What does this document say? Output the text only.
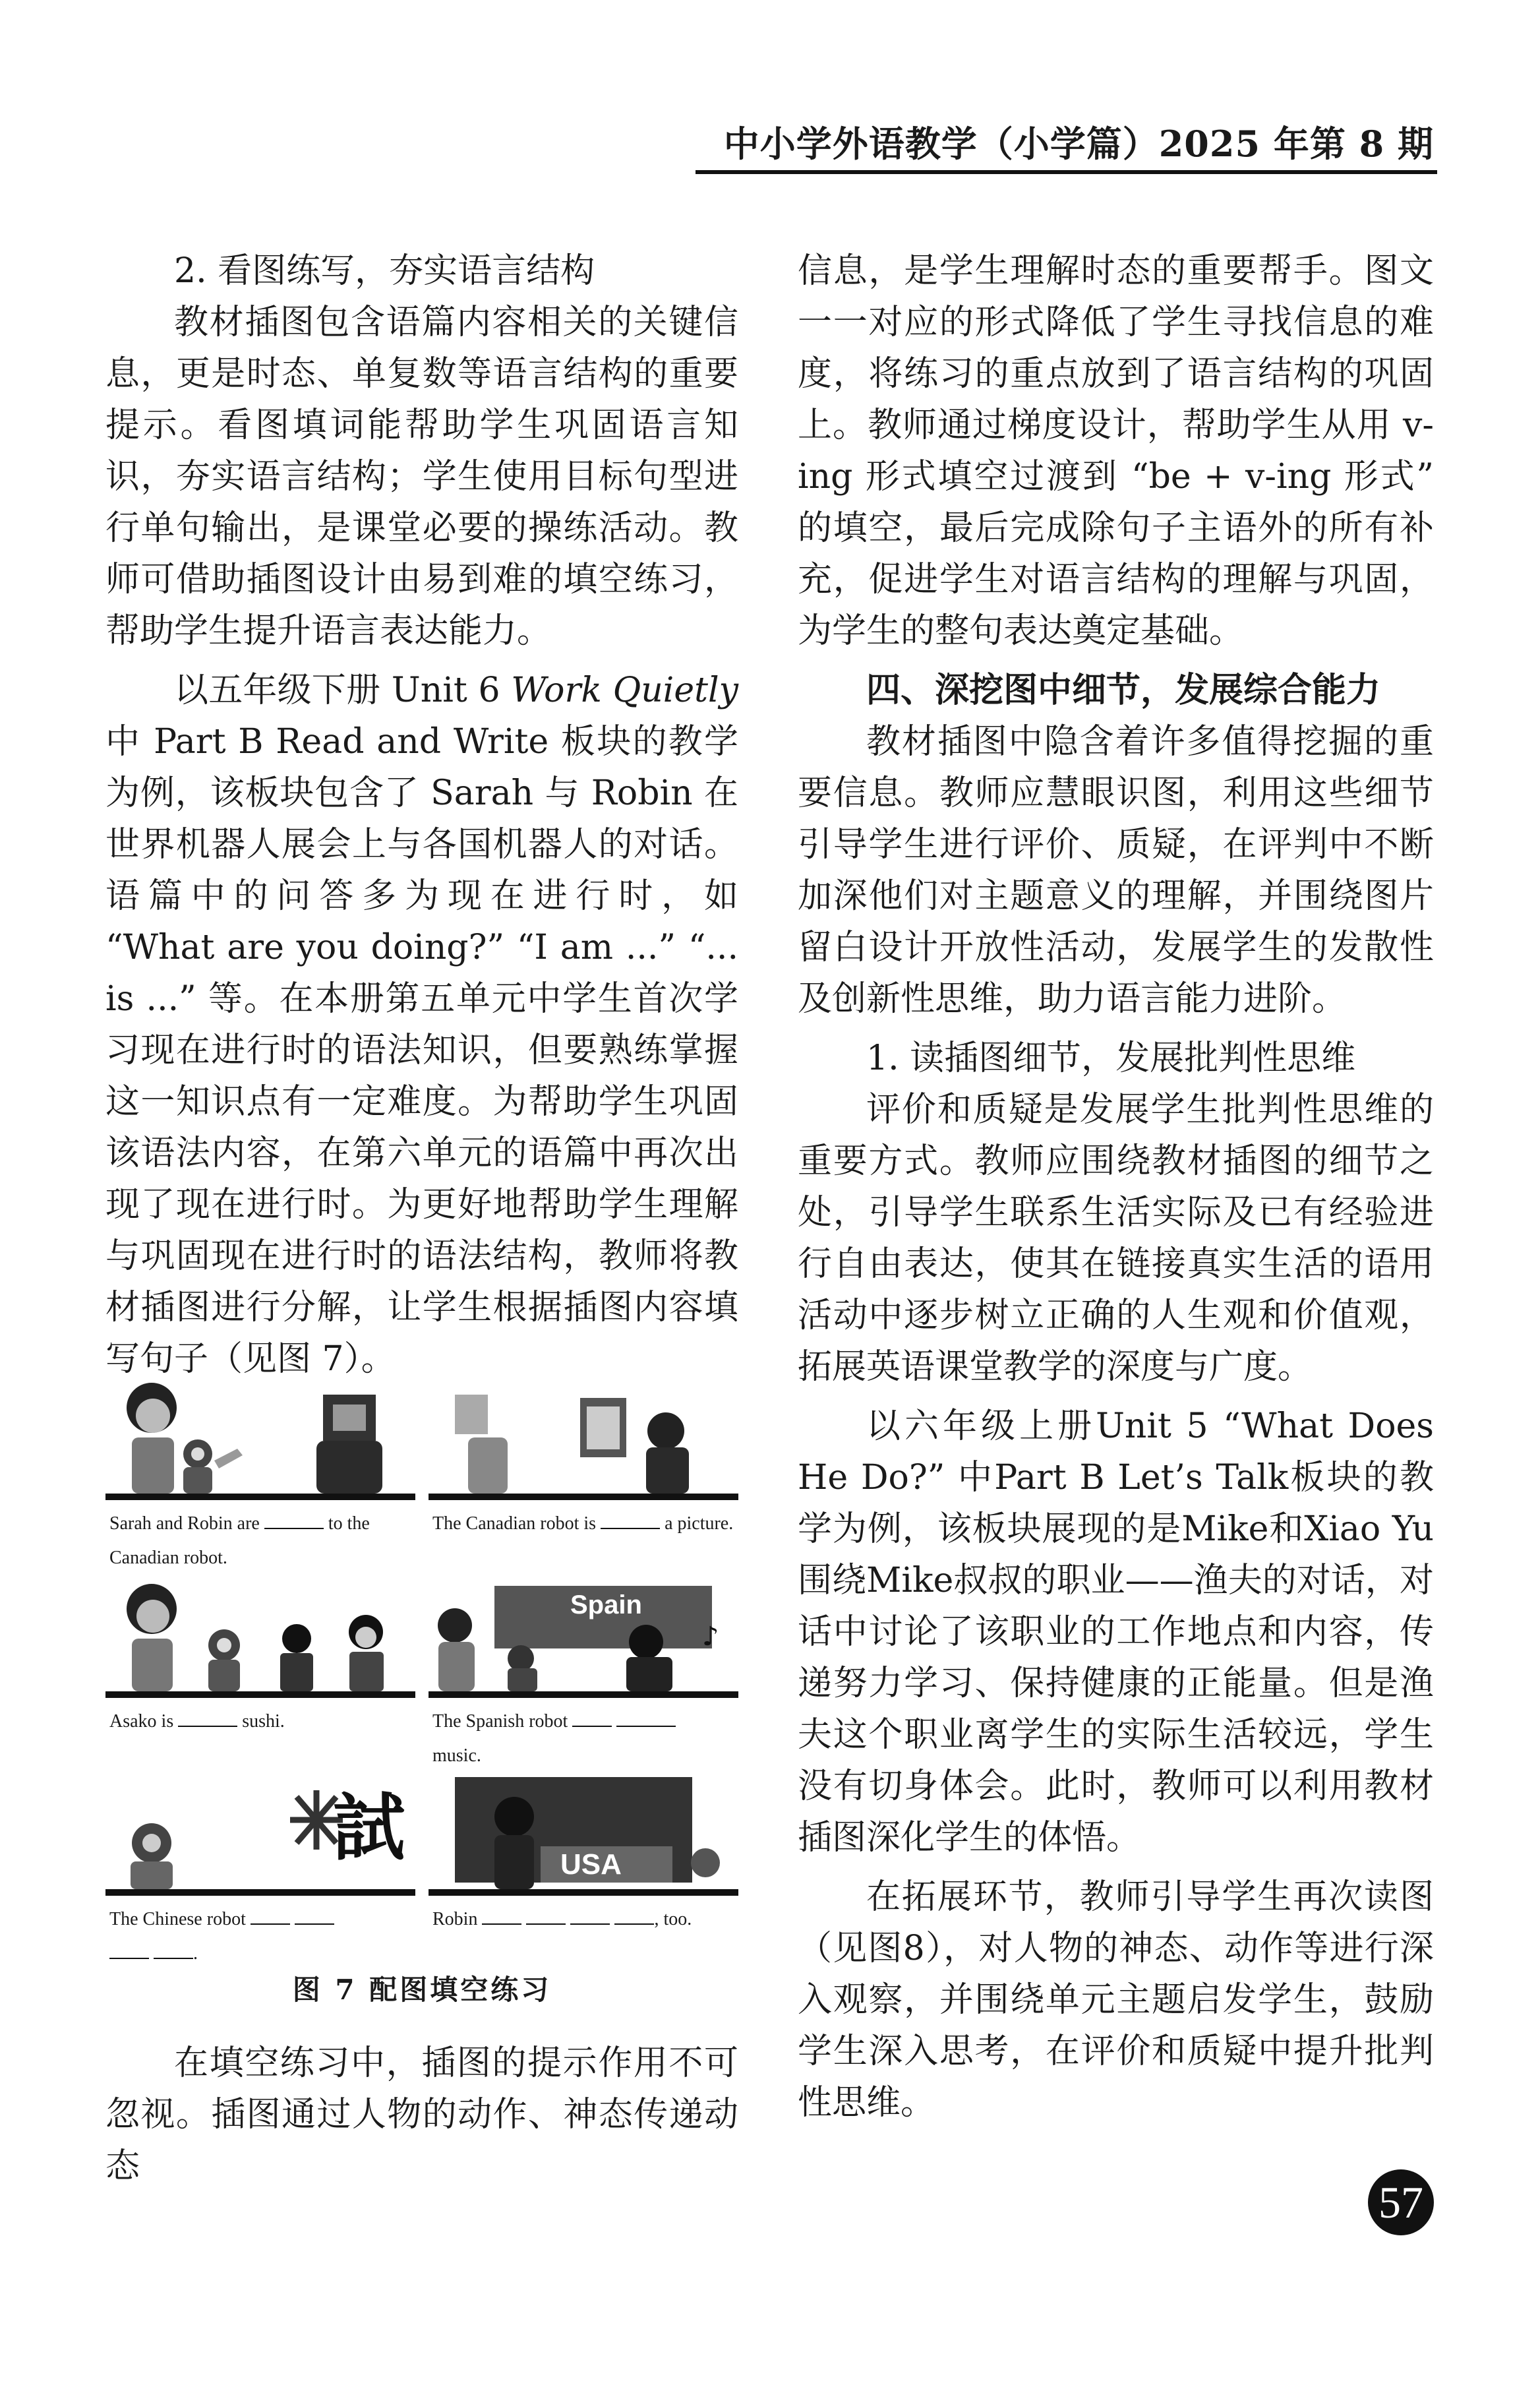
中小学外语教学（小学篇）2025 年第 8 期

2. 看图练写，夯实语言结构

教材插图包含语篇内容相关的关键信息，更是时态、单复数等语言结构的重要提示。看图填词能帮助学生巩固语言知识，夯实语言结构；学生使用目标句型进行单句输出，是课堂必要的操练活动。教师可借助插图设计由易到难的填空练习，帮助学生提升语言表达能力。

以五年级下册 Unit 6 Work Quietly 中 Part B Read and Write 板块的教学为例，该板块包含了 Sarah 与 Robin 在世界机器人展会上与各国机器人的对话。语篇中的问答多为现在进行时，如 “What are you doing?” “I am ...” “... is ...” 等。在本册第五单元中学生首次学习现在进行时的语法知识，但要熟练掌握这一知识点有一定难度。为帮助学生巩固该语法内容，在第六单元的语篇中再次出现了现在进行时。为更好地帮助学生理解与巩固现在进行时的语法结构，教师将教材插图进行分解，让学生根据插图内容填写句子（见图 7）。

Sarah and Robin are	to the Canadian robot.
The Canadian robot is	a picture.
Asako is	sushi.
Spain
♪
The Spanish robot
music.
試
The Chinese robot
.
USA
Robin	, too.
图 7 配图填空练习

在填空练习中，插图的提示作用不可忽视。插图通过人物的动作、神态传递动态

信息，是学生理解时态的重要帮手。图文一一对应的形式降低了学生寻找信息的难度，将练习的重点放到了语言结构的巩固上。教师通过梯度设计，帮助学生从用 v-ing 形式填空过渡到 “be + v-ing 形式” 的填空，最后完成除句子主语外的所有补充，促进学生对语言结构的理解与巩固，为学生的整句表达奠定基础。

四、深挖图中细节，发展综合能力

教材插图中隐含着许多值得挖掘的重要信息。教师应慧眼识图，利用这些细节引导学生进行评价、质疑，在评判中不断加深他们对主题意义的理解，并围绕图片留白设计开放性活动，发展学生的发散性及创新性思维，助力语言能力进阶。

1. 读插图细节，发展批判性思维

评价和质疑是发展学生批判性思维的重要方式。教师应围绕教材插图的细节之处，引导学生联系生活实际及已有经验进行自由表达，使其在链接真实生活的语用活动中逐步树立正确的人生观和价值观，拓展英语课堂教学的深度与广度。

以六年级上册Unit 5 “What Does He Do?” 中Part B Let’s Talk板块的教学为例，该板块展现的是Mike和Xiao Yu围绕Mike叔叔的职业——渔夫的对话，对话中讨论了该职业的工作地点和内容，传递努力学习、保持健康的正能量。但是渔夫这个职业离学生的实际生活较远，学生没有切身体会。此时，教师可以利用教材插图深化学生的体悟。

在拓展环节，教师引导学生再次读图（见图8），对人物的神态、动作等进行深入观察，并围绕单元主题启发学生，鼓励学生深入思考，在评价和质疑中提升批判性思维。

57
